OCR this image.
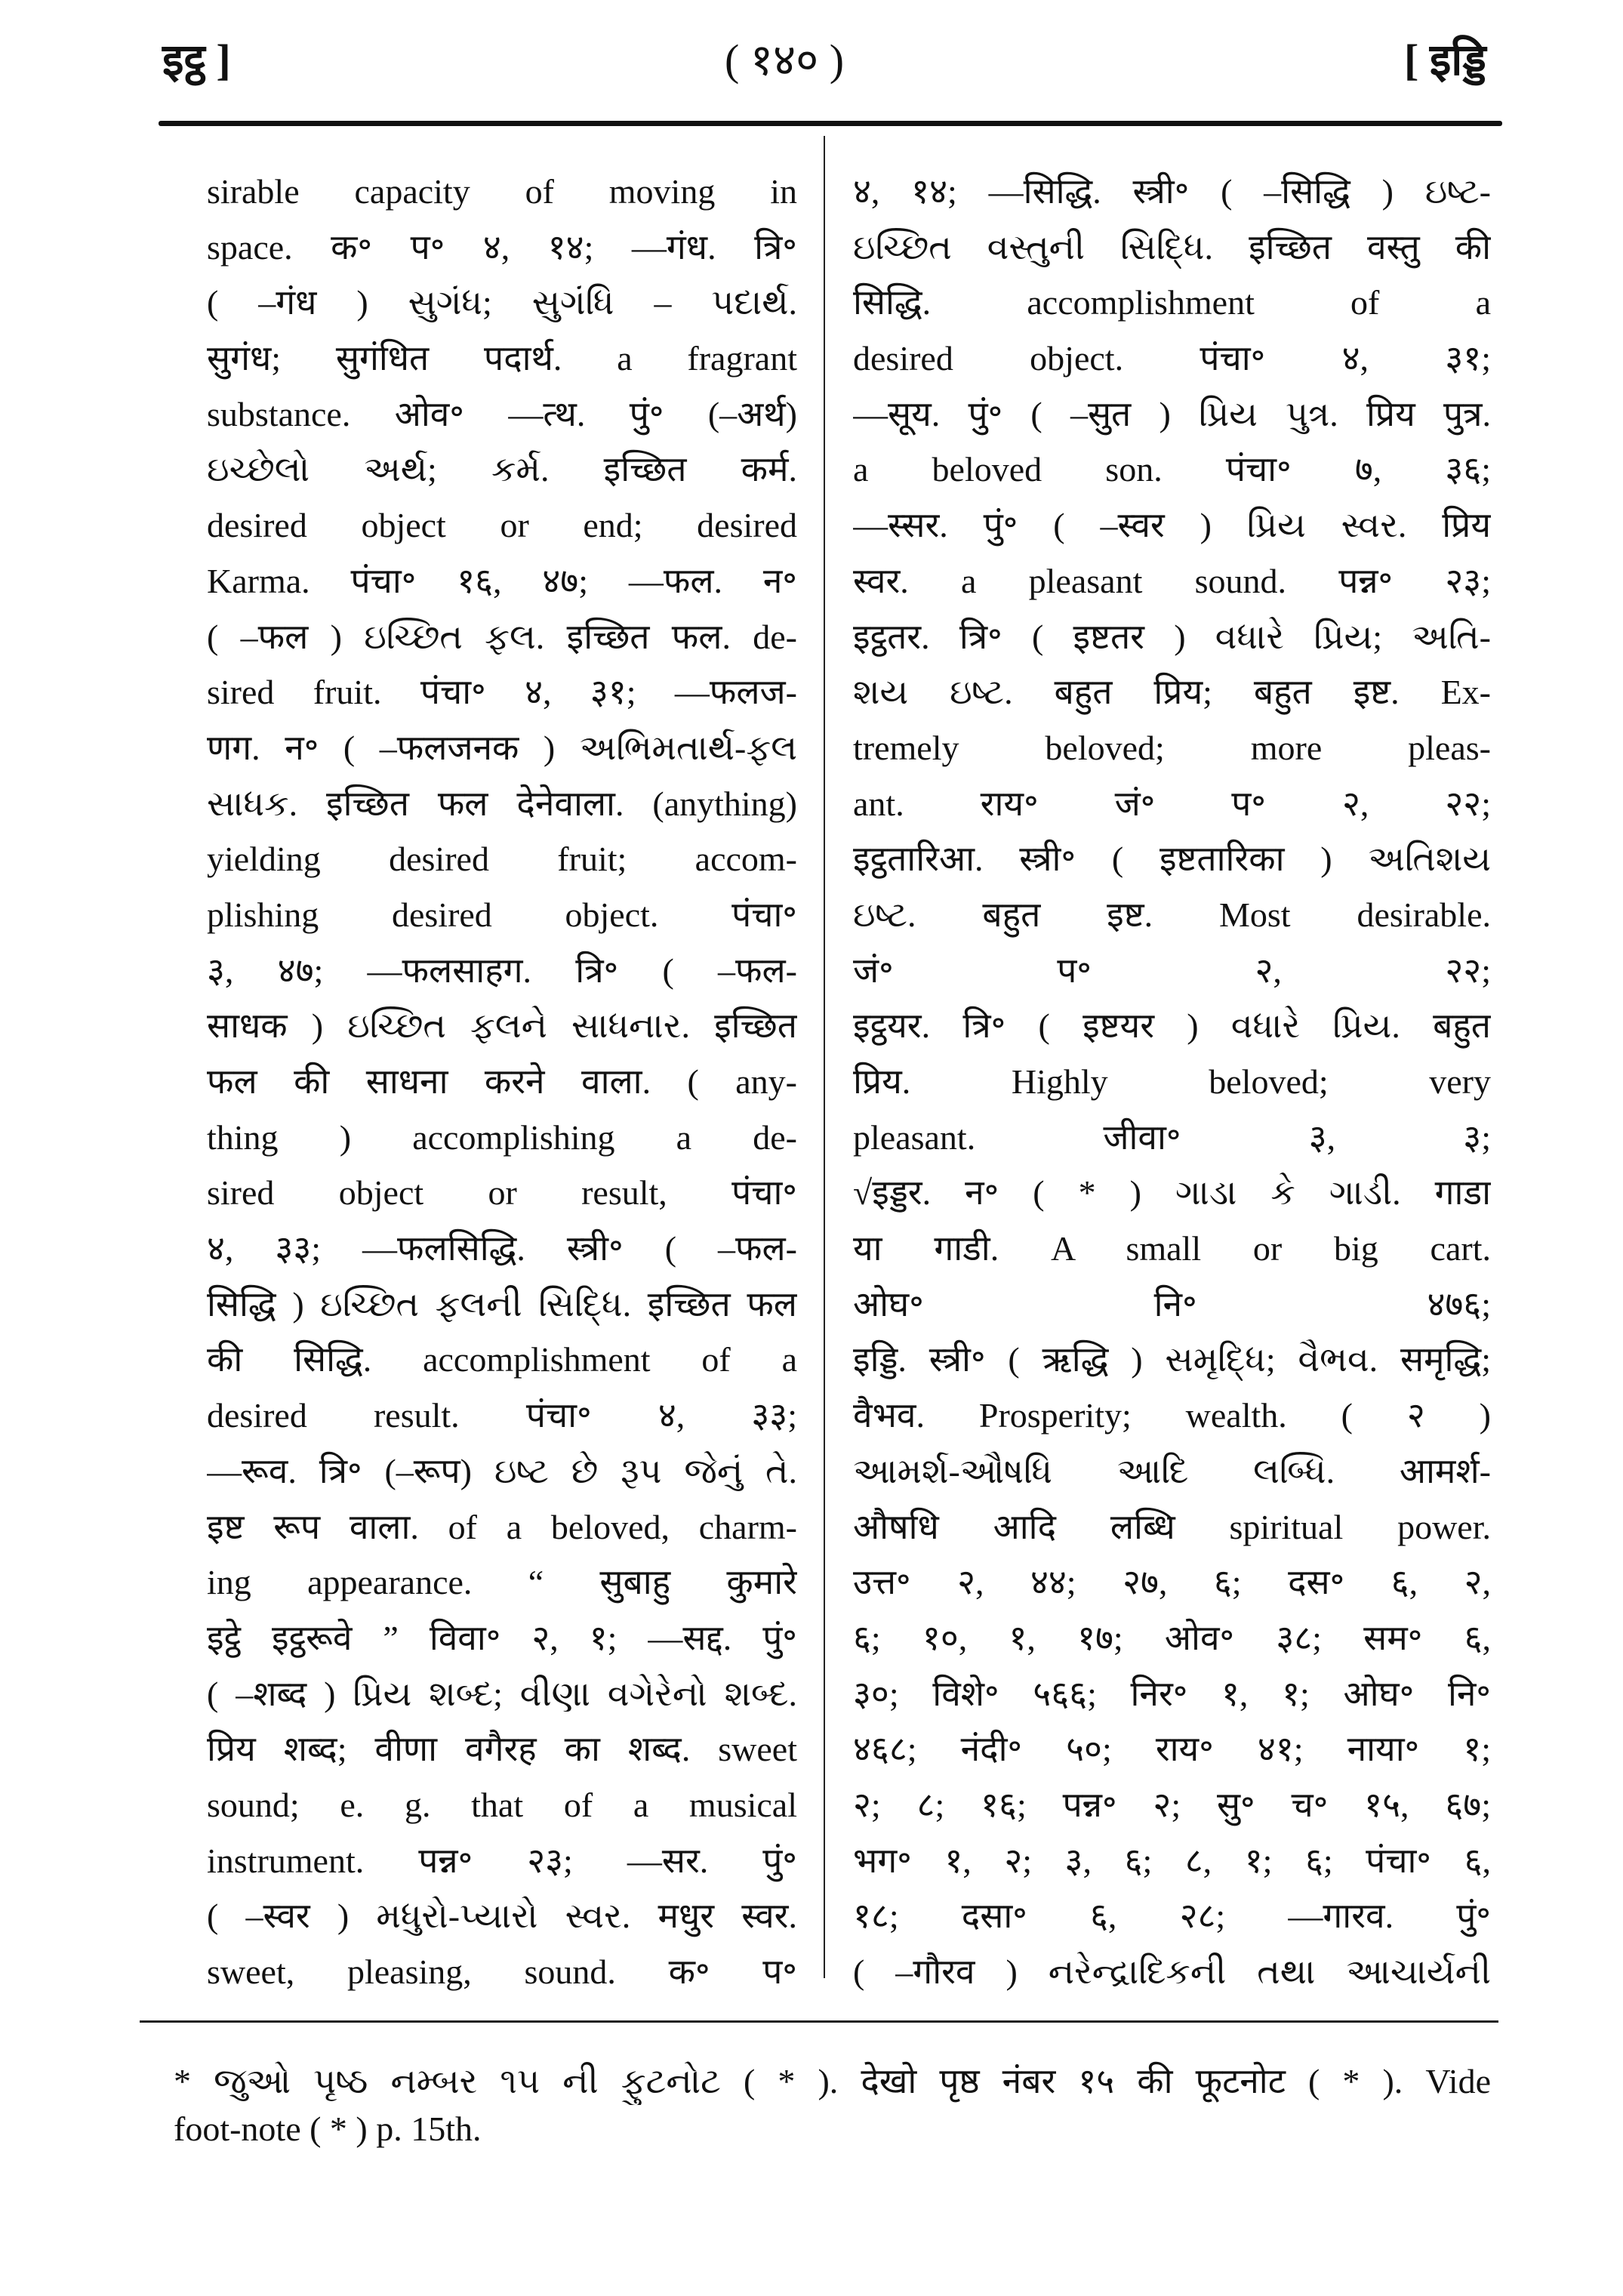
इट्ठ ]	( १४० )	[ इड्डि
sirable capacity of moving in
space. क॰ प॰ ४, १४; —गंध. त्रि॰
( –गंध ) સુગંધ; સુગંધિ – પદાર્થ.
सुगंध; सुगंधित पदार्थ. a fragrant
substance. ओव॰ —त्थ. पुं॰ (–अर्थ)
ઇચ્છેલો અર્થ; કર્મ. इच्छित कर्म.
desired object or end; desired
Karma. पंचा॰ १६, ४७; —फल. न॰
( –फल ) ઇચ્છિત ફલ. इच्छित फल. de-
sired fruit. पंचा॰ ४, ३१; —फलज-
णग. न॰ ( –फलजनक ) અભિમતાર્થ-ફલ
સાધક. इच्छित फल देनेवाला. (anything)
yielding desired fruit; accom-
plishing desired object. पंचा॰
३, ४७; —फलसाहग. त्रि॰ ( –फल-
साधक ) ઇચ્છિત ફલને સાધનાર. इच्छित
फल की साधना करने वाला. ( any-
thing ) accomplishing a de-
sired object or result, पंचा॰
४, ३३; —फलसिद्धि. स्त्री॰ ( –फल-
सिद्धि ) ઇચ્છિત ફલની સિદ્ધિ. इच्छित फल
की सिद्धि. accomplishment of a
desired result. पंचा॰ ४, ३३;
—रूव. त्रि॰ (–रूप) ઇષ્ટ છે રૂપ જેનું તે.
इष्ट रूप वाला. of a beloved, charm-
ing appearance. “ सुबाहु कुमारे
इट्ठे इट्ठरूवे ” विवा॰ २, १; —सद्द. पुं॰
( –शब्द ) પ્રિય શબ્દ; વીણા વગેરેનો શબ્દ.
प्रिय शब्द; वीणा वगैरह का शब्द. sweet
sound; e. g. that of a musical
instrument. पन्न॰ २३; —सर. पुं॰
( –स्वर ) મધુરો-પ્યારો સ્વર. मधुर स्वर.
sweet, pleasing, sound. क॰ प॰
४, १४; —सिद्धि. स्त्री॰ ( –सिद्धि ) ઇષ્ટ-
ઇચ્છિત વસ્તુની સિદ્ધિ. इच्छित वस्तु की
सिद्धि. accomplishment of a
desired object. पंचा॰ ४, ३१;
—सूय. पुं॰ ( –सुत ) પ્રિય પુત્ર. प्रिय पुत्र.
a beloved son. पंचा॰ ७, ३६;
—स्सर. पुं॰ ( –स्वर ) પ્રિય સ્વર. प्रिय
स्वर. a pleasant sound. पन्न॰ २३;
इट्ठतर. त्रि॰ ( इष्टतर ) વધારે પ્રિય; અતિ-
શય ઇષ્ટ. बहुत प्रिय; बहुत इष्ट. Ex-
tremely beloved; more pleas-
ant. राय॰ जं॰ प॰ २, २२;
इट्ठतारिआ. स्त्री॰ ( इष्टतारिका ) અતિશય
ઇષ્ટ. बहुत इष्ट. Most desirable.
जं॰ प॰ २, २२;
इट्ठयर. त्रि॰ ( इष्टयर ) વધારે પ્રિય. बहुत
प्रिय. Highly beloved; very
pleasant. जीवा॰ ३, ३;
√इड्डर. न॰ ( * ) ગાડા કે ગાડી. गाडा
या गाडी. A small or big cart.
ओघ॰ नि॰ ४७६;
इड्डि. स्त्री॰ ( ऋद्धि ) સમૃદ્ધિ; વૈભવ. समृद्धि;
वैभव. Prosperity; wealth. ( २ )
આમર્શ-ઔષધિ આદિ લબ્ધિ. आमर्श-
औषधि आदि लब्धि spiritual power.
उत्त॰ २, ४४; २७, ६; दस॰ ६, २,
६; १०, १, १७; ओव॰ ३८; सम॰ ६,
३०; विशे॰ ५६६; निर॰ १, १; ओघ॰ नि॰
४६८; नंदी॰ ५०; राय॰ ४१; नाया॰ १;
२; ८; १६; पन्न॰ २; सु॰ च॰ १५, ६७;
भग॰ १, २; ३, ६; ८, १; ६; पंचा॰ ६,
१८; दसा॰ ६, २८; —गारव. पुं॰
( –गौरव ) નરેન્દ્રાદિકની તથા આચાર્યની
* જુઓ પૃષ્ઠ નમ્બર ૧૫ ની ફુટનોટ ( * ). देखो पृष्ठ नंबर १५ की फूटनोट ( * ). Vide
foot-note ( * ) p. 15th.
